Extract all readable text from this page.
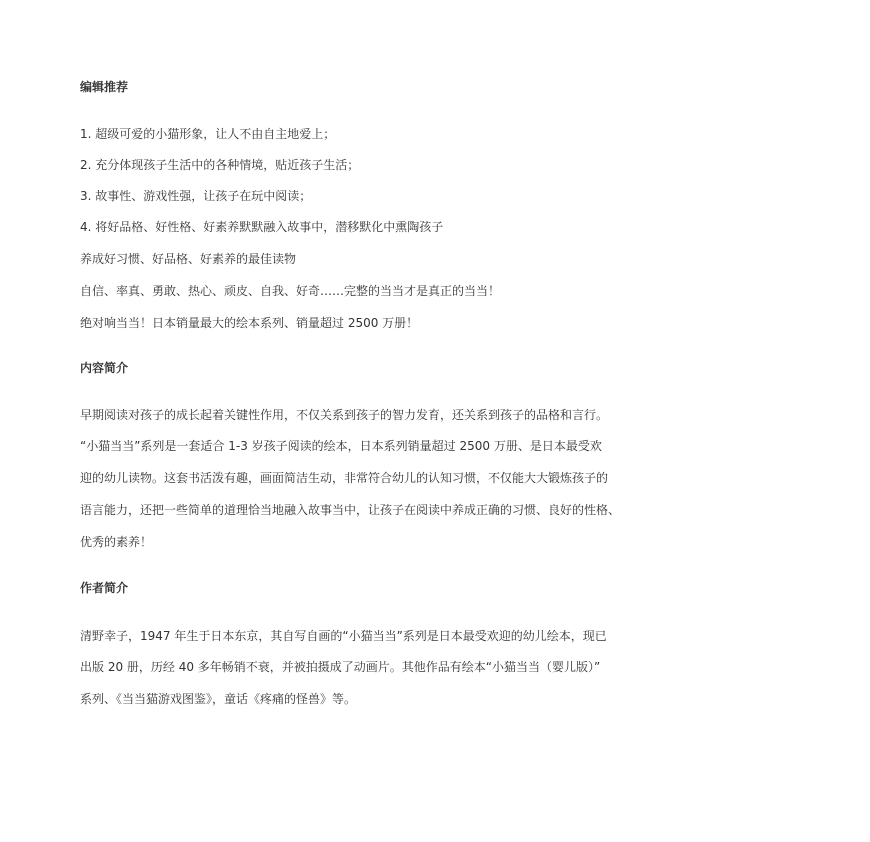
编辑推荐
1. 超级可爱的小猫形象，让人不由自主地爱上；
2. 充分体现孩子生活中的各种情境，贴近孩子生活；
3. 故事性、游戏性强，让孩子在玩中阅读；
4. 将好品格、好性格、好素养默默融入故事中，潜移默化中熏陶孩子
养成好习惯、好品格、好素养的最佳读物
自信、率真、勇敢、热心、顽皮、自我、好奇……完整的当当才是真正的当当！
绝对响当当！日本销量最大的绘本系列、销量超过 2500 万册！
内容简介
早期阅读对孩子的成长起着关键性作用，不仅关系到孩子的智力发育，还关系到孩子的品格和言行。
“小猫当当”系列是一套适合 1-3 岁孩子阅读的绘本，日本系列销量超过 2500 万册、是日本最受欢
迎的幼儿读物。这套书活泼有趣，画面简洁生动，非常符合幼儿的认知习惯，不仅能大大锻炼孩子的
语言能力，还把一些简单的道理恰当地融入故事当中，让孩子在阅读中养成正确的习惯、良好的性格、
优秀的素养！
作者简介
清野幸子，1947 年生于日本东京，其自写自画的“小猫当当”系列是日本最受欢迎的幼儿绘本，现已
出版 20 册，历经 40 多年畅销不衰，并被拍摄成了动画片。其他作品有绘本“小猫当当（婴儿版）”
系列、《当当猫游戏图鉴》，童话《疼痛的怪兽》等。
